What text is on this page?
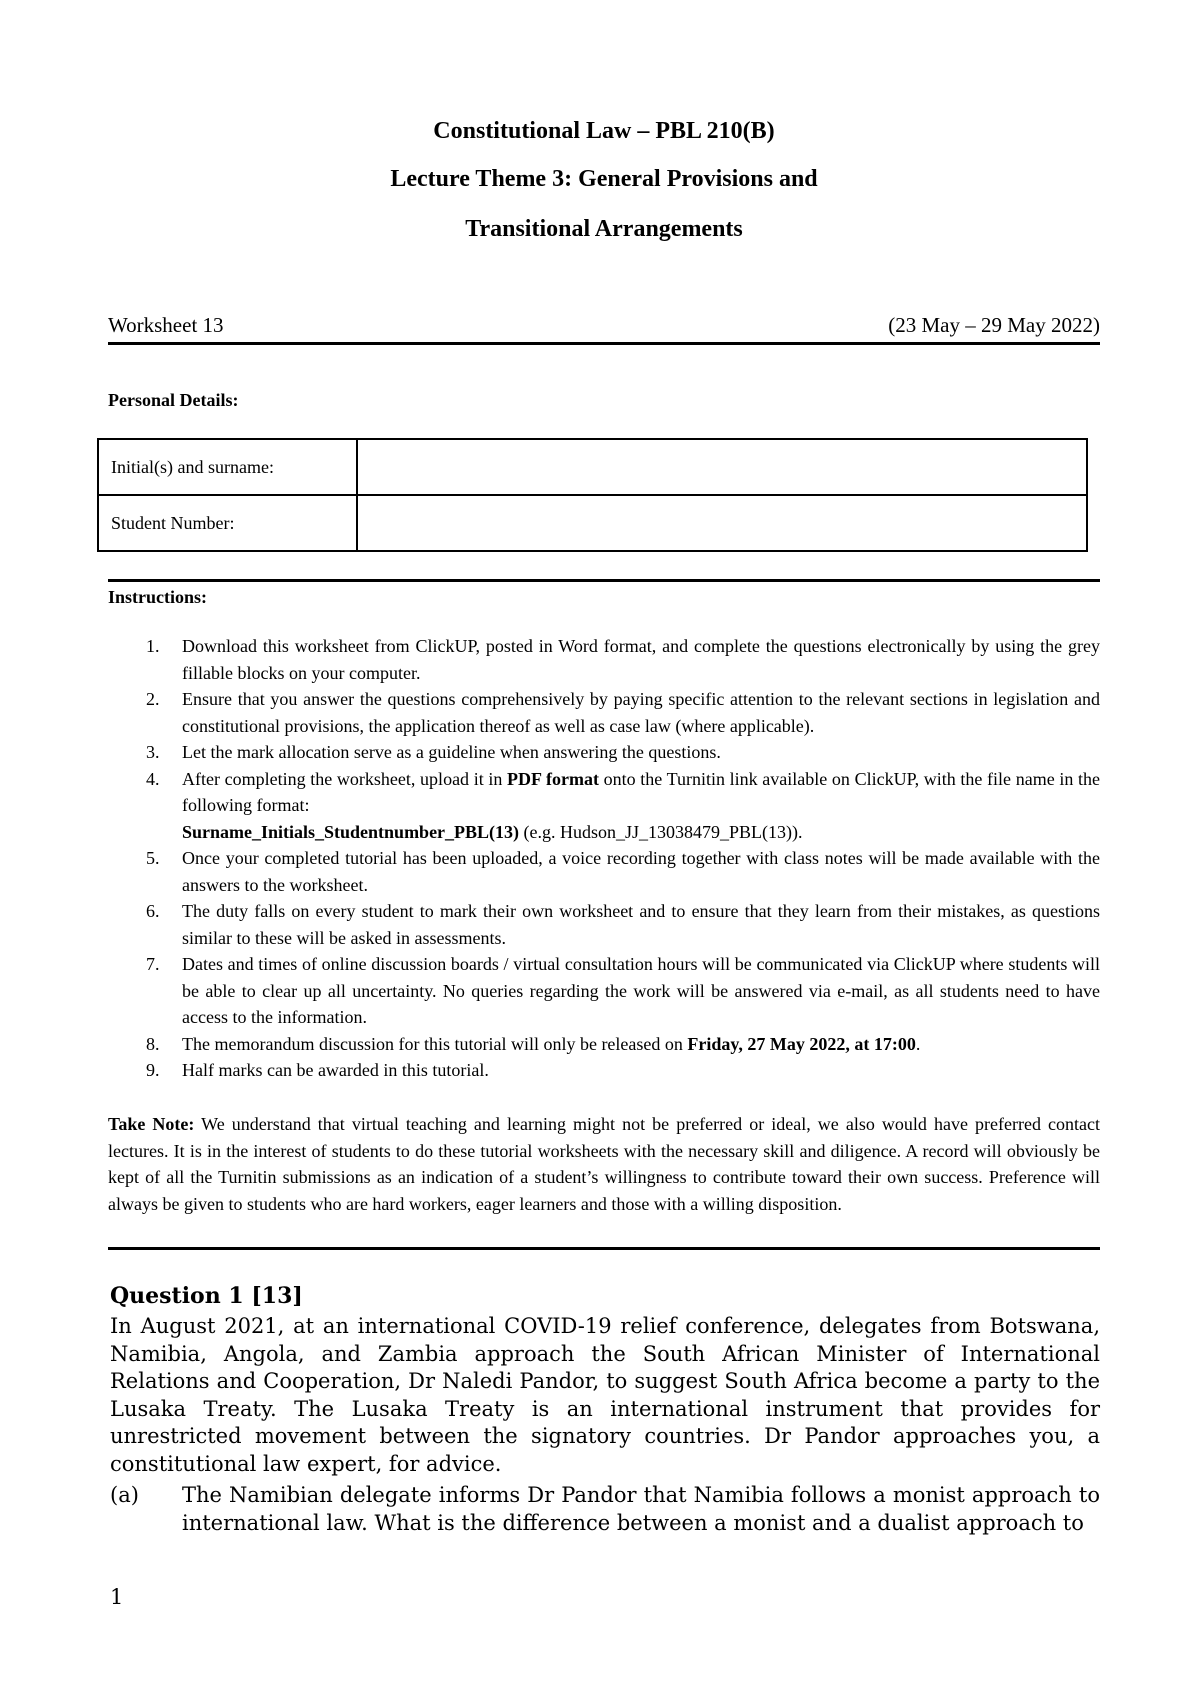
Constitutional Law – PBL 210(B)
Lecture Theme 3: General Provisions and
Transitional Arrangements
Worksheet 13	(23 May – 29 May 2022)
Personal Details:
Initial(s) and surname:	
Student Number:	
Instructions:
1. Download this worksheet from ClickUP, posted in Word format, and complete the questions electronically by using the grey fillable blocks on your computer.
2. Ensure that you answer the questions comprehensively by paying specific attention to the relevant sections in legislation and constitutional provisions, the application thereof as well as case law (where applicable).
3. Let the mark allocation serve as a guideline when answering the questions.
4. After completing the worksheet, upload it in PDF format onto the Turnitin link available on ClickUP, with the file name in the following format:
Surname_Initials_Studentnumber_PBL(13) (e.g. Hudson_JJ_13038479_PBL(13)).
5. Once your completed tutorial has been uploaded, a voice recording together with class notes will be made available with the answers to the worksheet.
6. The duty falls on every student to mark their own worksheet and to ensure that they learn from their mistakes, as questions similar to these will be asked in assessments.
7. Dates and times of online discussion boards / virtual consultation hours will be communicated via ClickUP where students will be able to clear up all uncertainty. No queries regarding the work will be answered via e-mail, as all students need to have access to the information.
8. The memorandum discussion for this tutorial will only be released on Friday, 27 May 2022, at 17:00.
9. Half marks can be awarded in this tutorial.
Take Note: We understand that virtual teaching and learning might not be preferred or ideal, we also would have preferred contact lectures. It is in the interest of students to do these tutorial worksheets with the necessary skill and diligence. A record will obviously be kept of all the Turnitin submissions as an indication of a student’s willingness to contribute toward their own success. Preference will always be given to students who are hard workers, eager learners and those with a willing disposition.
Question 1 [13]
In August 2021, at an international COVID-19 relief conference, delegates from Botswana, Namibia, Angola, and Zambia approach the South African Minister of International Relations and Cooperation, Dr Naledi Pandor, to suggest South Africa become a party to the Lusaka Treaty. The Lusaka Treaty is an international instrument that provides for unrestricted movement between the signatory countries. Dr Pandor approaches you, a constitutional law expert, for advice.
(a) The Namibian delegate informs Dr Pandor that Namibia follows a monist approach to international law. What is the difference between a monist and a dualist approach to
1
